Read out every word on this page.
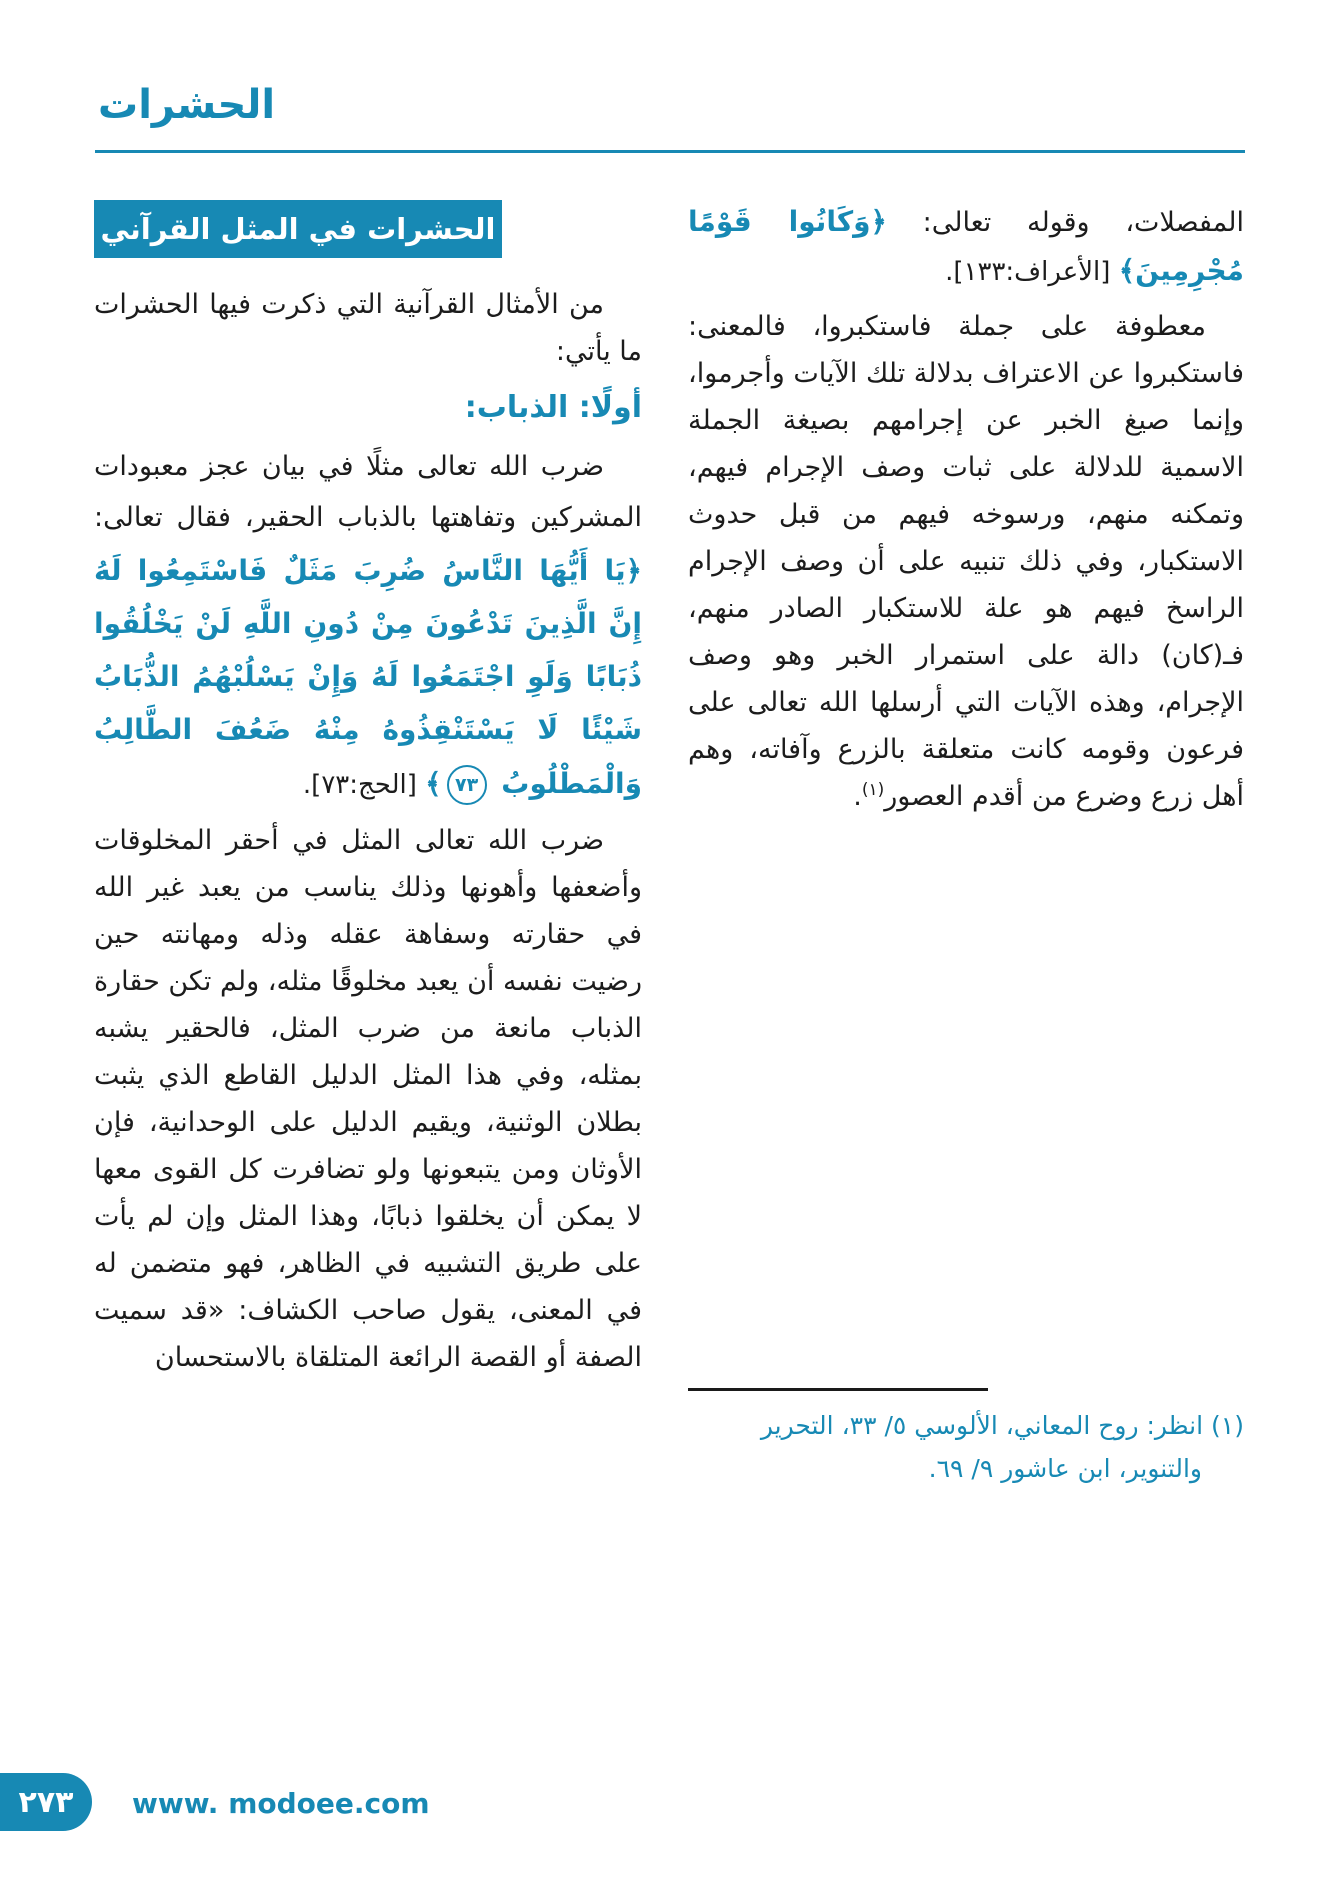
الحشرات

المفصلات، وقوله تعالى: ﴿وَكَانُوا قَوْمًا مُجْرِمِينَ﴾ [الأعراف:١٣٣].

معطوفة على جملة فاستكبروا، فالمعنى: فاستكبروا عن الاعتراف بدلالة تلك الآيات وأجرموا، وإنما صيغ الخبر عن إجرامهم بصيغة الجملة الاسمية للدلالة على ثبات وصف الإجرام فيهم، وتمكنه منهم، ورسوخه فيهم من قبل حدوث الاستكبار، وفي ذلك تنبيه على أن وصف الإجرام الراسخ فيهم هو علة للاستكبار الصادر منهم، فـ(كان) دالة على استمرار الخبر وهو وصف الإجرام، وهذه الآيات التي أرسلها الله تعالى على فرعون وقومه كانت متعلقة بالزرع وآفاته، وهم أهل زرع وضرع من أقدم العصور$^{(١)}$.

(١) انظر: روح المعاني، الألوسي ٥/ ٣٣، التحرير والتنوير، ابن عاشور ٩/ ٦٩.

الحشرات في المثل القرآني

من الأمثال القرآنية التي ذكرت فيها الحشرات ما يأتي:

أولًا: الذباب:

ضرب الله تعالى مثلًا في بيان عجز معبودات المشركين وتفاهتها بالذباب الحقير، فقال تعالى: ﴿يَا أَيُّهَا النَّاسُ ضُرِبَ مَثَلٌ فَاسْتَمِعُوا لَهُ إِنَّ الَّذِينَ تَدْعُونَ مِنْ دُونِ اللَّهِ لَنْ يَخْلُقُوا ذُبَابًا وَلَوِ اجْتَمَعُوا لَهُ وَإِنْ يَسْلُبْهُمُ الذُّبَابُ شَيْئًا لَا يَسْتَنْقِذُوهُ مِنْهُ ضَعُفَ الطَّالِبُ وَالْمَطْلُوبُ ٧٣﴾ [الحج:٧٣].

ضرب الله تعالى المثل في أحقر المخلوقات وأضعفها وأهونها وذلك يناسب من يعبد غير الله في حقارته وسفاهة عقله وذله ومهانته حين رضيت نفسه أن يعبد مخلوقًا مثله، ولم تكن حقارة الذباب مانعة من ضرب المثل، فالحقير يشبه بمثله، وفي هذا المثل الدليل القاطع الذي يثبت بطلان الوثنية، ويقيم الدليل على الوحدانية، فإن الأوثان ومن يتبعونها ولو تضافرت كل القوى معها لا يمكن أن يخلقوا ذبابًا، وهذا المثل وإن لم يأت على طريق التشبيه في الظاهر، فهو متضمن له في المعنى، يقول صاحب الكشاف: «قد سميت الصفة أو القصة الرائعة المتلقاة بالاستحسان

٢٧٣	www. modoee.com
